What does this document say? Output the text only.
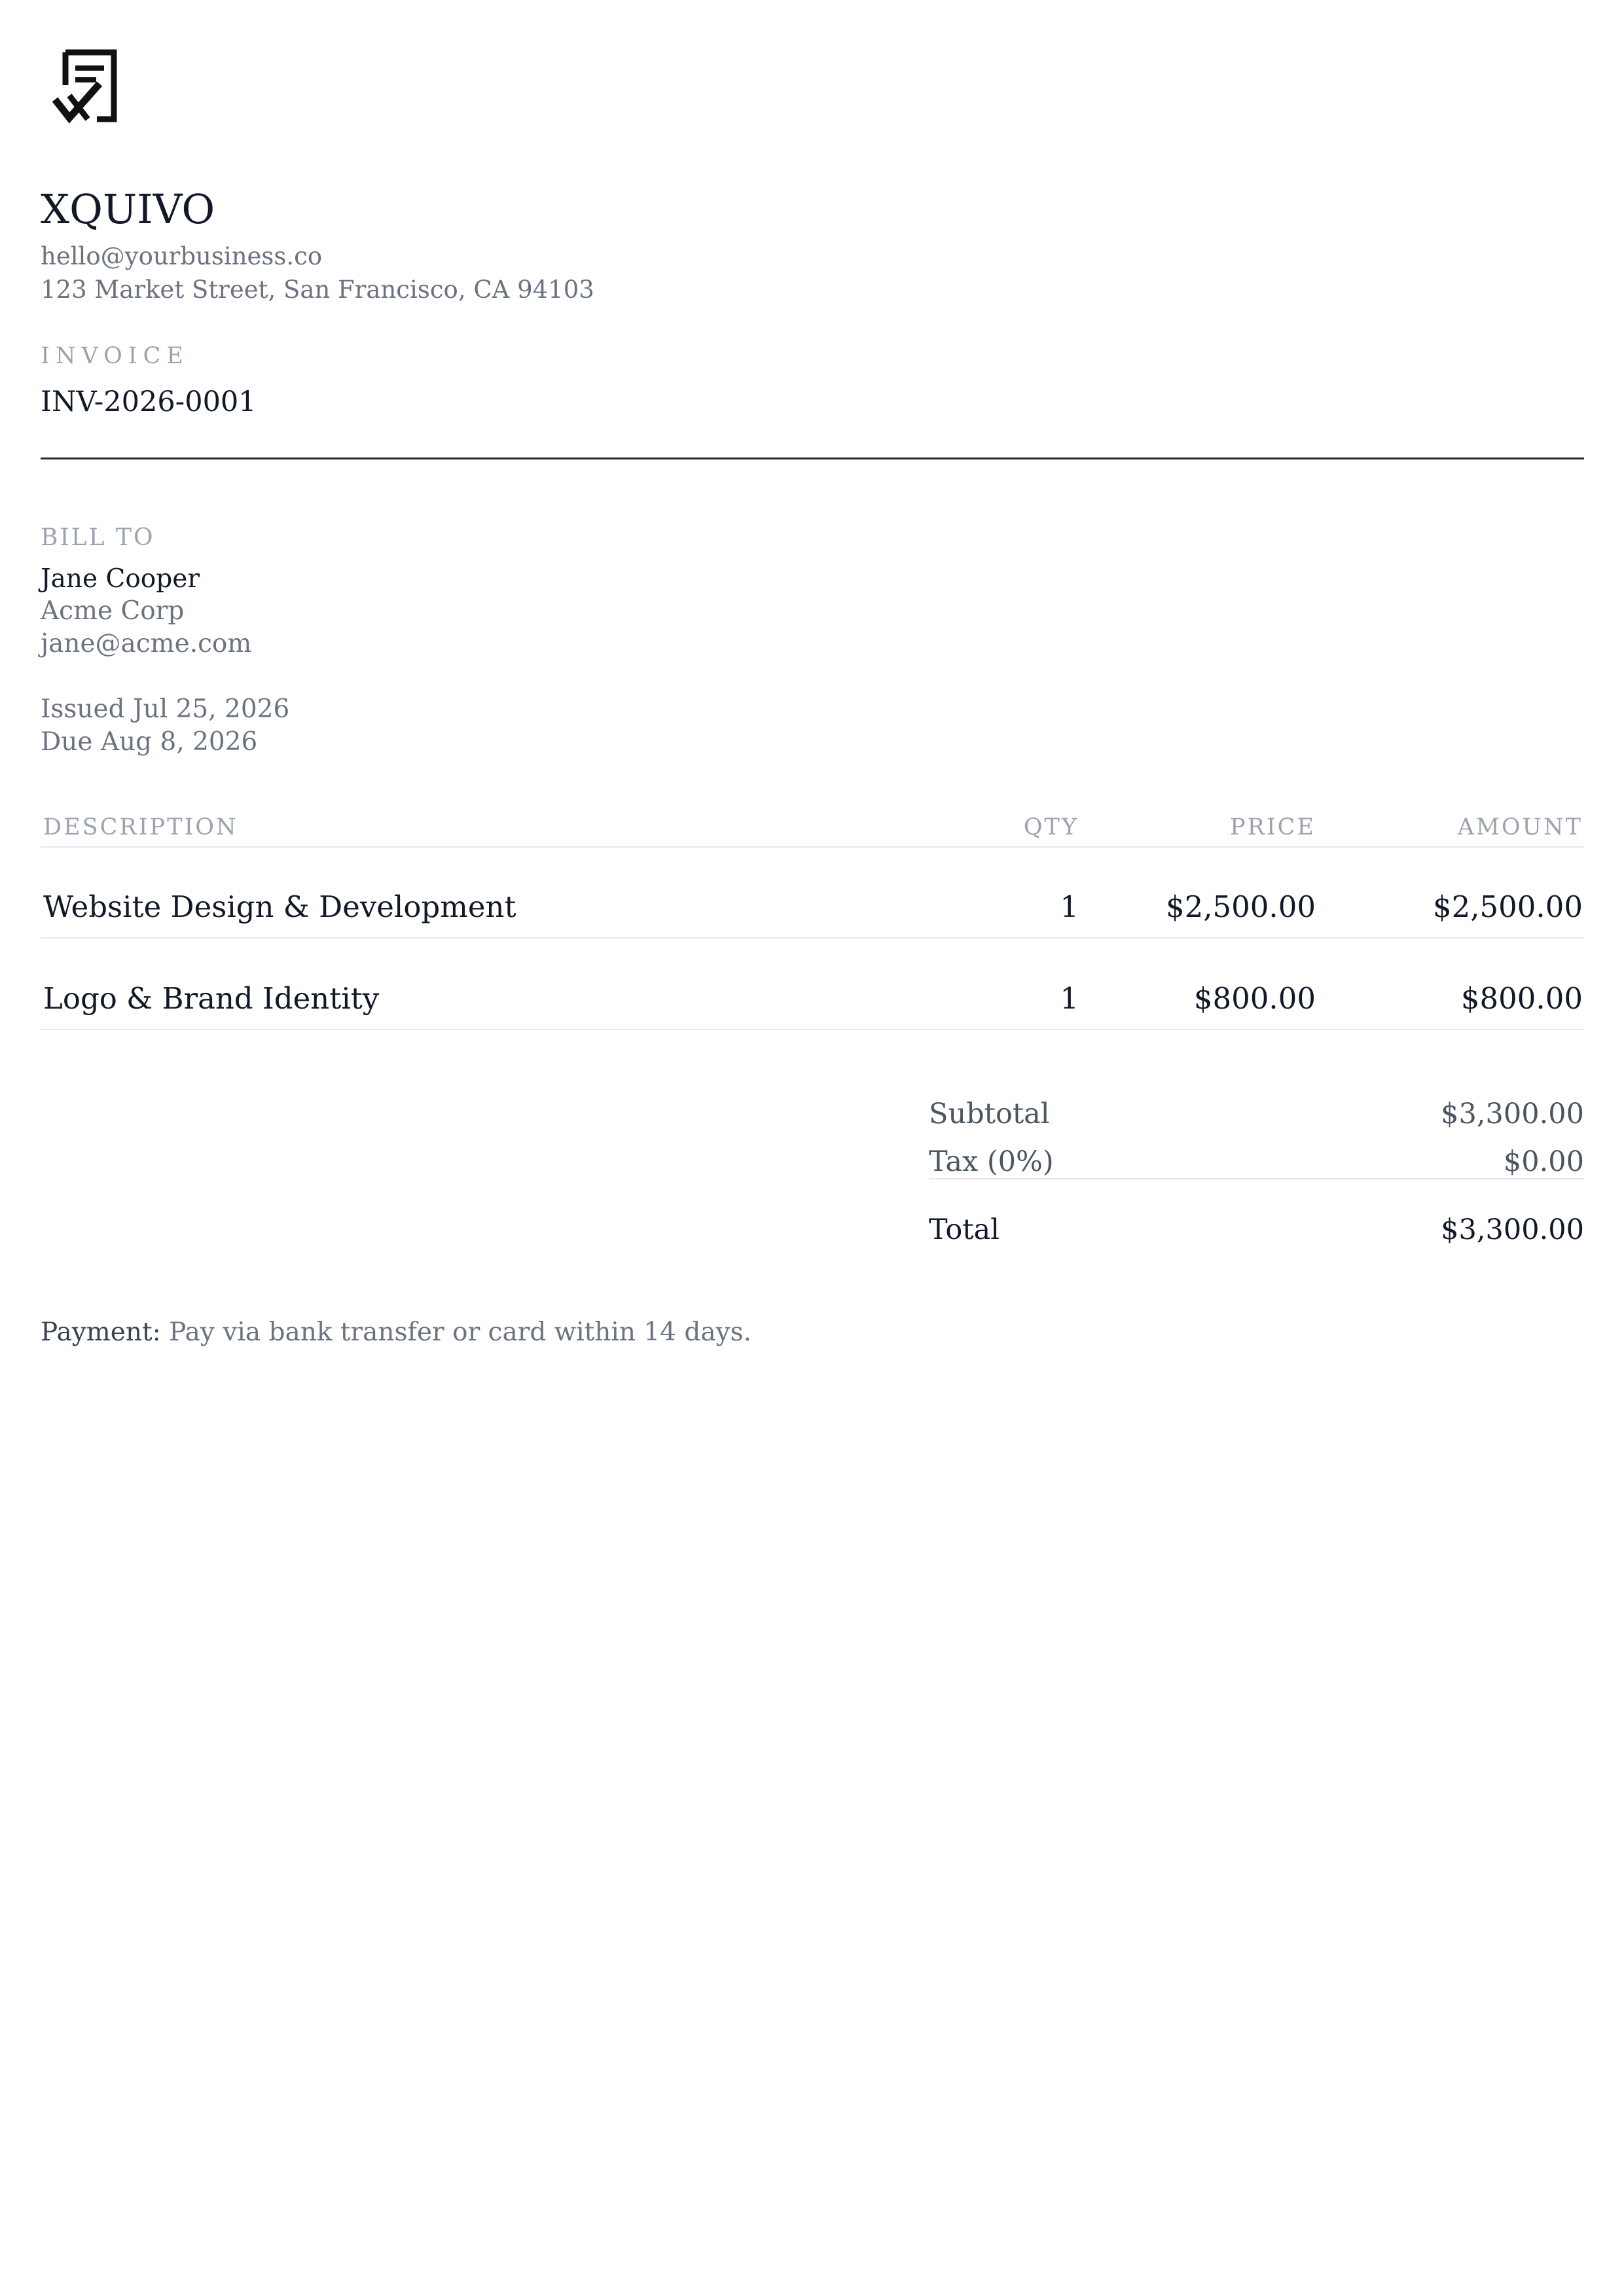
XQUIVO
hello@yourbusiness.co
123 Market Street, San Francisco, CA 94103
INVOICE
INV-2026-0001
BILL TO
Jane Cooper
Acme Corp
jane@acme.com
Issued Jul 25, 2026
Due Aug 8, 2026
DESCRIPTION	QTY	PRICE	AMOUNT
Website Design & Development	1	$2,500.00	$2,500.00
Logo & Brand Identity	1	$800.00	$800.00
Subtotal	$3,300.00
Tax (0%)	$0.00
Total	$3,300.00
Payment: Pay via bank transfer or card within 14 days.
